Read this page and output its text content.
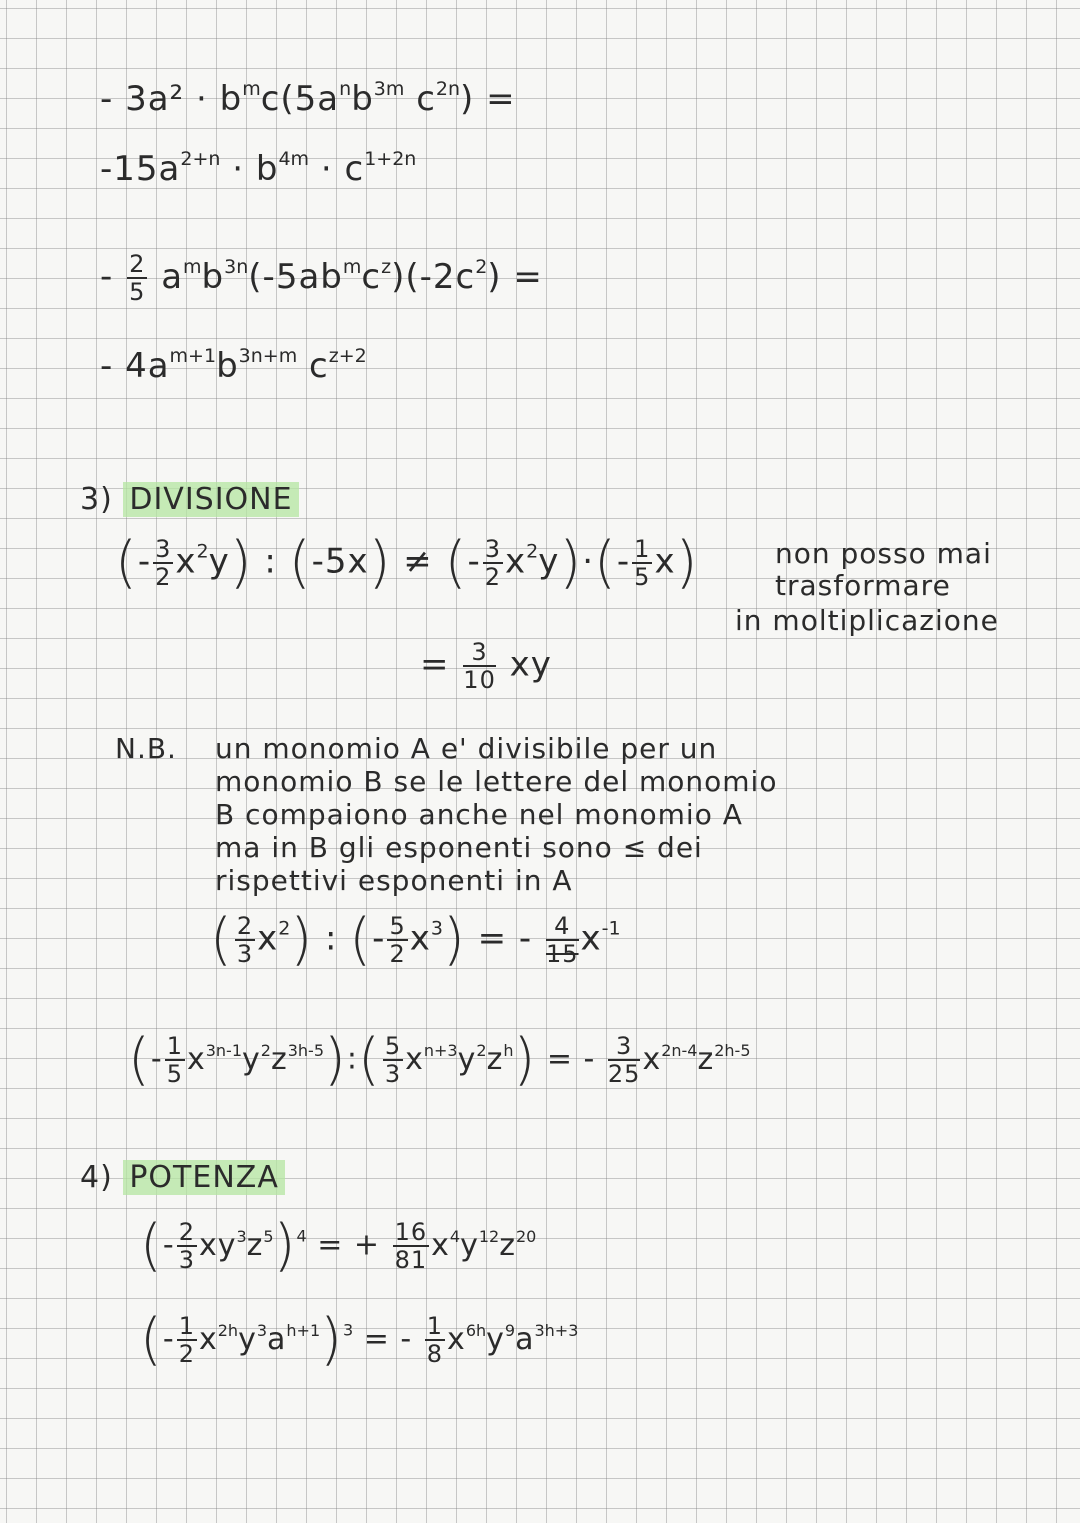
- $3a^2 \cdot b^mc(5a^nb^{3m}$ $c^{2n}$) =
$-15a^{2+n} \cdot b^{4m} \cdot c^{1+2n}$
- $\frac{2}{5} a^mb^{3n}(-5ab^mc^z)(-2c^2)$ =
- $4a^{m+1}b^{3n+m}$ $c^{z+2}$
3) DIVISIONE
(- $\frac{3}{2} x^2y$) : (-5x) ≠ (- $\frac{3}{2} x^2y)\cdot(- \frac{1}{5} x)$	non posso mai
trasformare
in moltiplicazione
= $\frac{3}{10}$ xy
N.B. un monomio A e' divisibile per un
monomio B se le lettere del monomio
B compaiono anche nel monomio A
ma in B gli esponenti sono ≤ dei
rispettivi esponenti in A
( $\frac{2}{3} x^2$) : (- $\frac{5}{2} x^3$) = - $\frac{4}{15} x^{-1}$
(- $\frac{1}{5}$ $x^{3n-1}y^2z^{3h-5}):( \frac{5}{3} x^{n+3}y^2z^h)$ = - $\frac{3}{25} x^{2n-4}z^{2h-5}$
4) POTENZA
(- $\frac{2}{3} xy^3z^5)^4$ = + $\frac{16}{81} x^4y^{12}z^{20}$
(- $\frac{1}{2} x^{2h}y^3a^{h+1})^3$ = - $\frac{1}{8} x^{6h}y^9a^{3h+3}$
